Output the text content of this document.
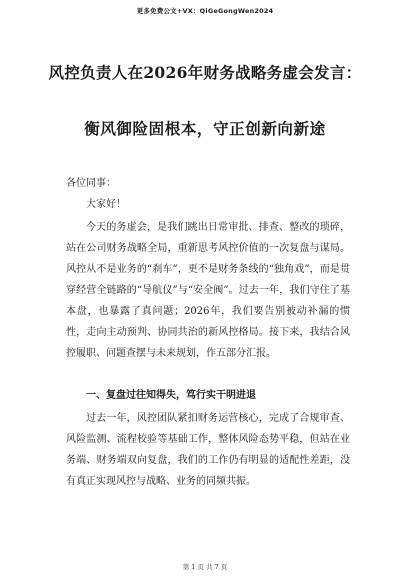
更多免费公文+VX：QiGeGongWen2024
风控负责人在2026年财务战略务虚会发言：
衡风御险固根本，守正创新向新途
各位同事：
大家好！
今天的务虚会，是我们跳出日常审批、排查、整改的琐碎，站在公司财务战略全局，重新思考风控价值的一次复盘与谋局。风控从不是业务的“刹车”，更不是财务条线的“独角戏”，而是贯穿经营全链路的“导航仪”与“安全阀”。过去一年，我们守住了基本盘，也暴露了真问题；2026年，我们要告别被动补漏的惯性，走向主动预判、协同共治的新风控格局。接下来，我结合风控履职、问题查摆与未来规划，作五部分汇报。
一、复盘过往知得失，笃行实干明进退
过去一年，风控团队紧扣财务运营核心，完成了合规审查、风险监测、流程校验等基础工作，整体风险态势平稳，但站在业务端、财务端双向复盘，我们的工作仍有明显的适配性差距，没有真正实现风控与战略、业务的同频共振。
第 1 页 共 7 页
